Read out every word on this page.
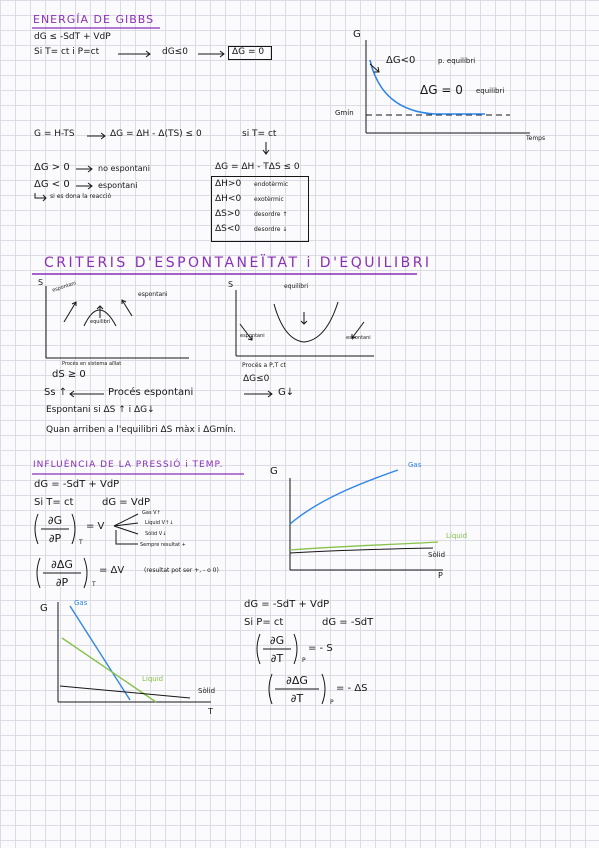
ENERGÍA DE GIBBS
dG ≤ -SdT + VdP
Si T= ct i P=ct	dG≤0	ΔG = 0
G
ΔG<0	p. equilibri
ΔG = 0 equilibri
Gmín
Temps
G = H-TS	ΔG = ΔH - Δ(TS) ≤ 0	si T= ct
ΔG > 0	no espontani
ΔG < 0	espontani
si es dona la reacció
ΔG = ΔH - TΔS ≤ 0
ΔH>0 endotèrmic
ΔH<0 exotèrmic
ΔS>0 desordre ↑
ΔS<0 desordre ↓
CRITERIS D'ESPONTANEÏTAT i D'EQUILIBRI
S espontani
espontani
equilibri
Procés en sistema aïllat
dS ≥ 0
S	equilibri
espontani	espontani
Procés a P,T ct
ΔG≤0
Ss ↑	Procés espontani	G↓
Espontani si ΔS ↑ i ΔG↓
Quan arriben a l'equilibri ΔS màx i ΔGmín.
INFLUÈNCIA DE LA PRESSIÓ i TEMP.
dG = -SdT + VdP
Si T= ct	dG = VdP
∂G
∂P	T
= V
Gas V↑
Líquid V↑↓
Sòlid V↓
Sempre resultat +
∂ΔG
∂P	T
= ΔV	(resultat pot ser +, - o 0)
G
Gas
Líquid
Sòlid
P
G	Gas
Líquid
Sòlid
T
dG = -SdT + VdP
Si P= ct	dG = -SdT
∂G
∂T	P
= - S
∂ΔG
∂T	P
= - ΔS
